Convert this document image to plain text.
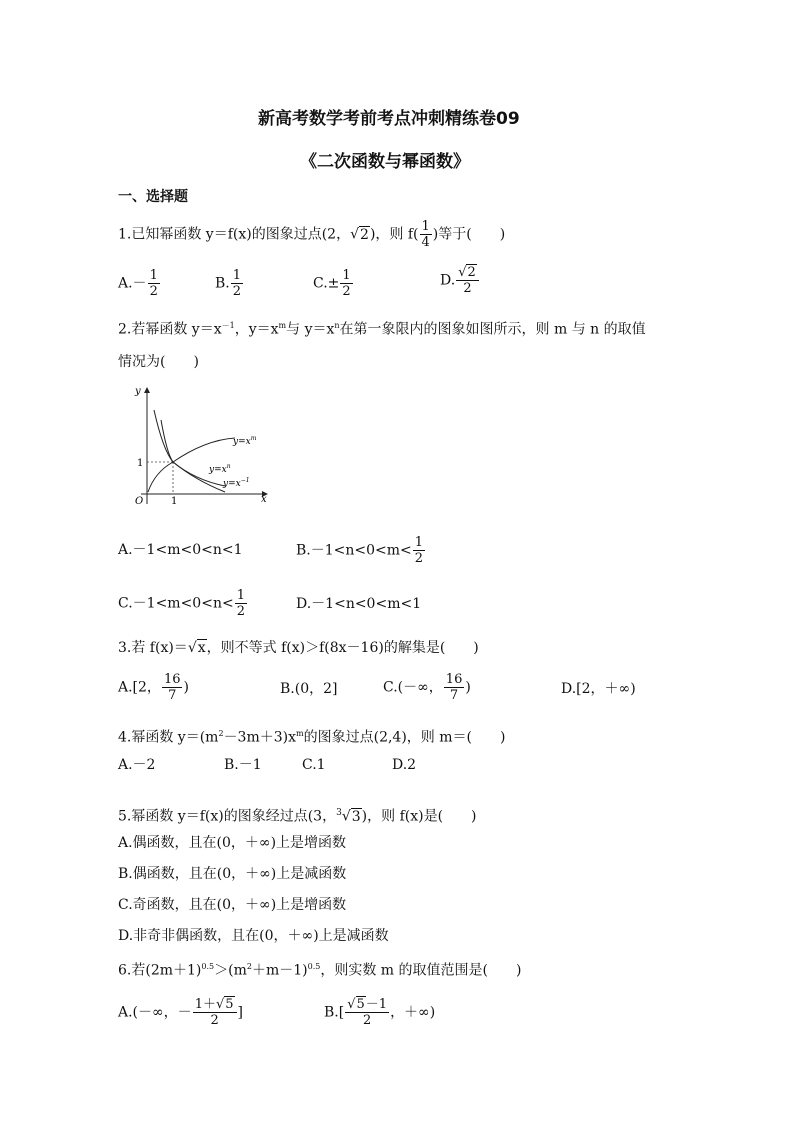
新高考数学考前考点冲刺精练卷09
《二次函数与幂函数》
一、选择题
1.已知幂函数 y＝f(x)的图象过点(2，√2)，则 $f( \frac{1}{4}$ )等于(　　)
$A.- \frac{1}{2}$	B. $\frac{1}{2}$	$C.\pm \frac{1}{2}$	D. $\frac{√2}{2}$
2.若幂函数 $y=x^{-1}$，$y=x^m$与 $y=x^n$在第一象限内的图象如图所示，则 m 与 n 的取值
情况为(　　)
y
x
O	1
1
$y=x^m$
$y=x^n$
$y=x^{-1}$
A.－1<m<0<n<1	$B.-1<n<0<m< \frac{1}{2}$
$C.-1<m<0<n< \frac{1}{2}$	D.－1<n<0<m<1
3.若 f(x)＝√x，则不等式 f(x)＞f(8x－16)的解集是(　　)
A.[2， $\frac{16}{7}$ )	B.(0，2]	C.(－∞， $\frac{16}{7}$ )	D.[2，＋∞)
4.幂函数 $y=(m^2-3m+3)x^m$的图象过点(2,4)，则 m＝(　　)
A.－2	B.－1	C.1	D.2
5.幂函数 y＝f(x)的图象经过点(3，$^3$√3)，则 f(x)是(　　)
A.偶函数，且在(0，＋∞)上是增函数
B.偶函数，且在(0，＋∞)上是减函数
C.奇函数，且在(0，＋∞)上是增函数
D.非奇非偶函数，且在(0，＋∞)上是减函数
6.若$(2m+1)^{0.5}>(m^2+m-1)^{0.5}$，则实数 m 的取值范围是(　　)
A.(－∞，－ $\frac{1+√5}{2}$ ]	$B.[ \frac{√5-1}{2}$ ，＋∞)
